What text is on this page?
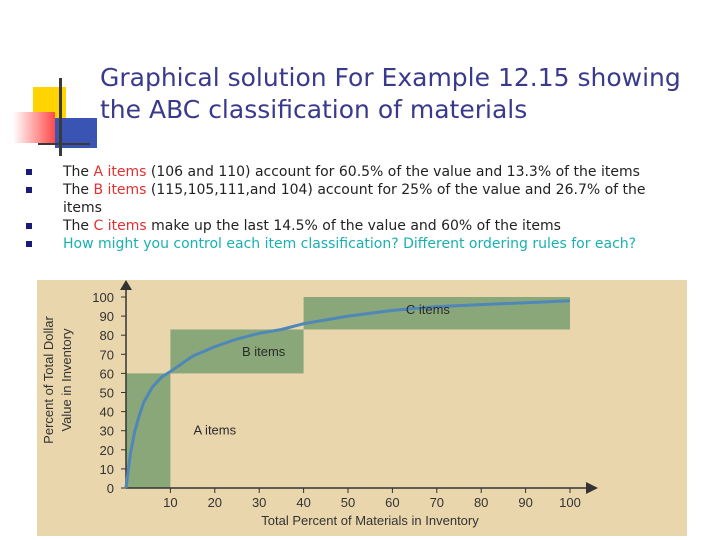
Graphical solution For Example 12.15 showing
the ABC classification of materials
The A items (106 and 110) account for 60.5% of the value and 13.3% of the items
The B items (115,105,111,and 104) account for 25% of the value and 26.7% of the items
The C items make up the last 14.5% of the value and 60% of the items
How might you control each item classification? Different ordering rules for each?
0
10
20
30
40
50
60
70
80
90
100
10 20 30 40 50 60 70 80 90 100
A items
B items
C items
Total Percent of Materials in Inventory
Percent of Total Dollar Value in Inventory
